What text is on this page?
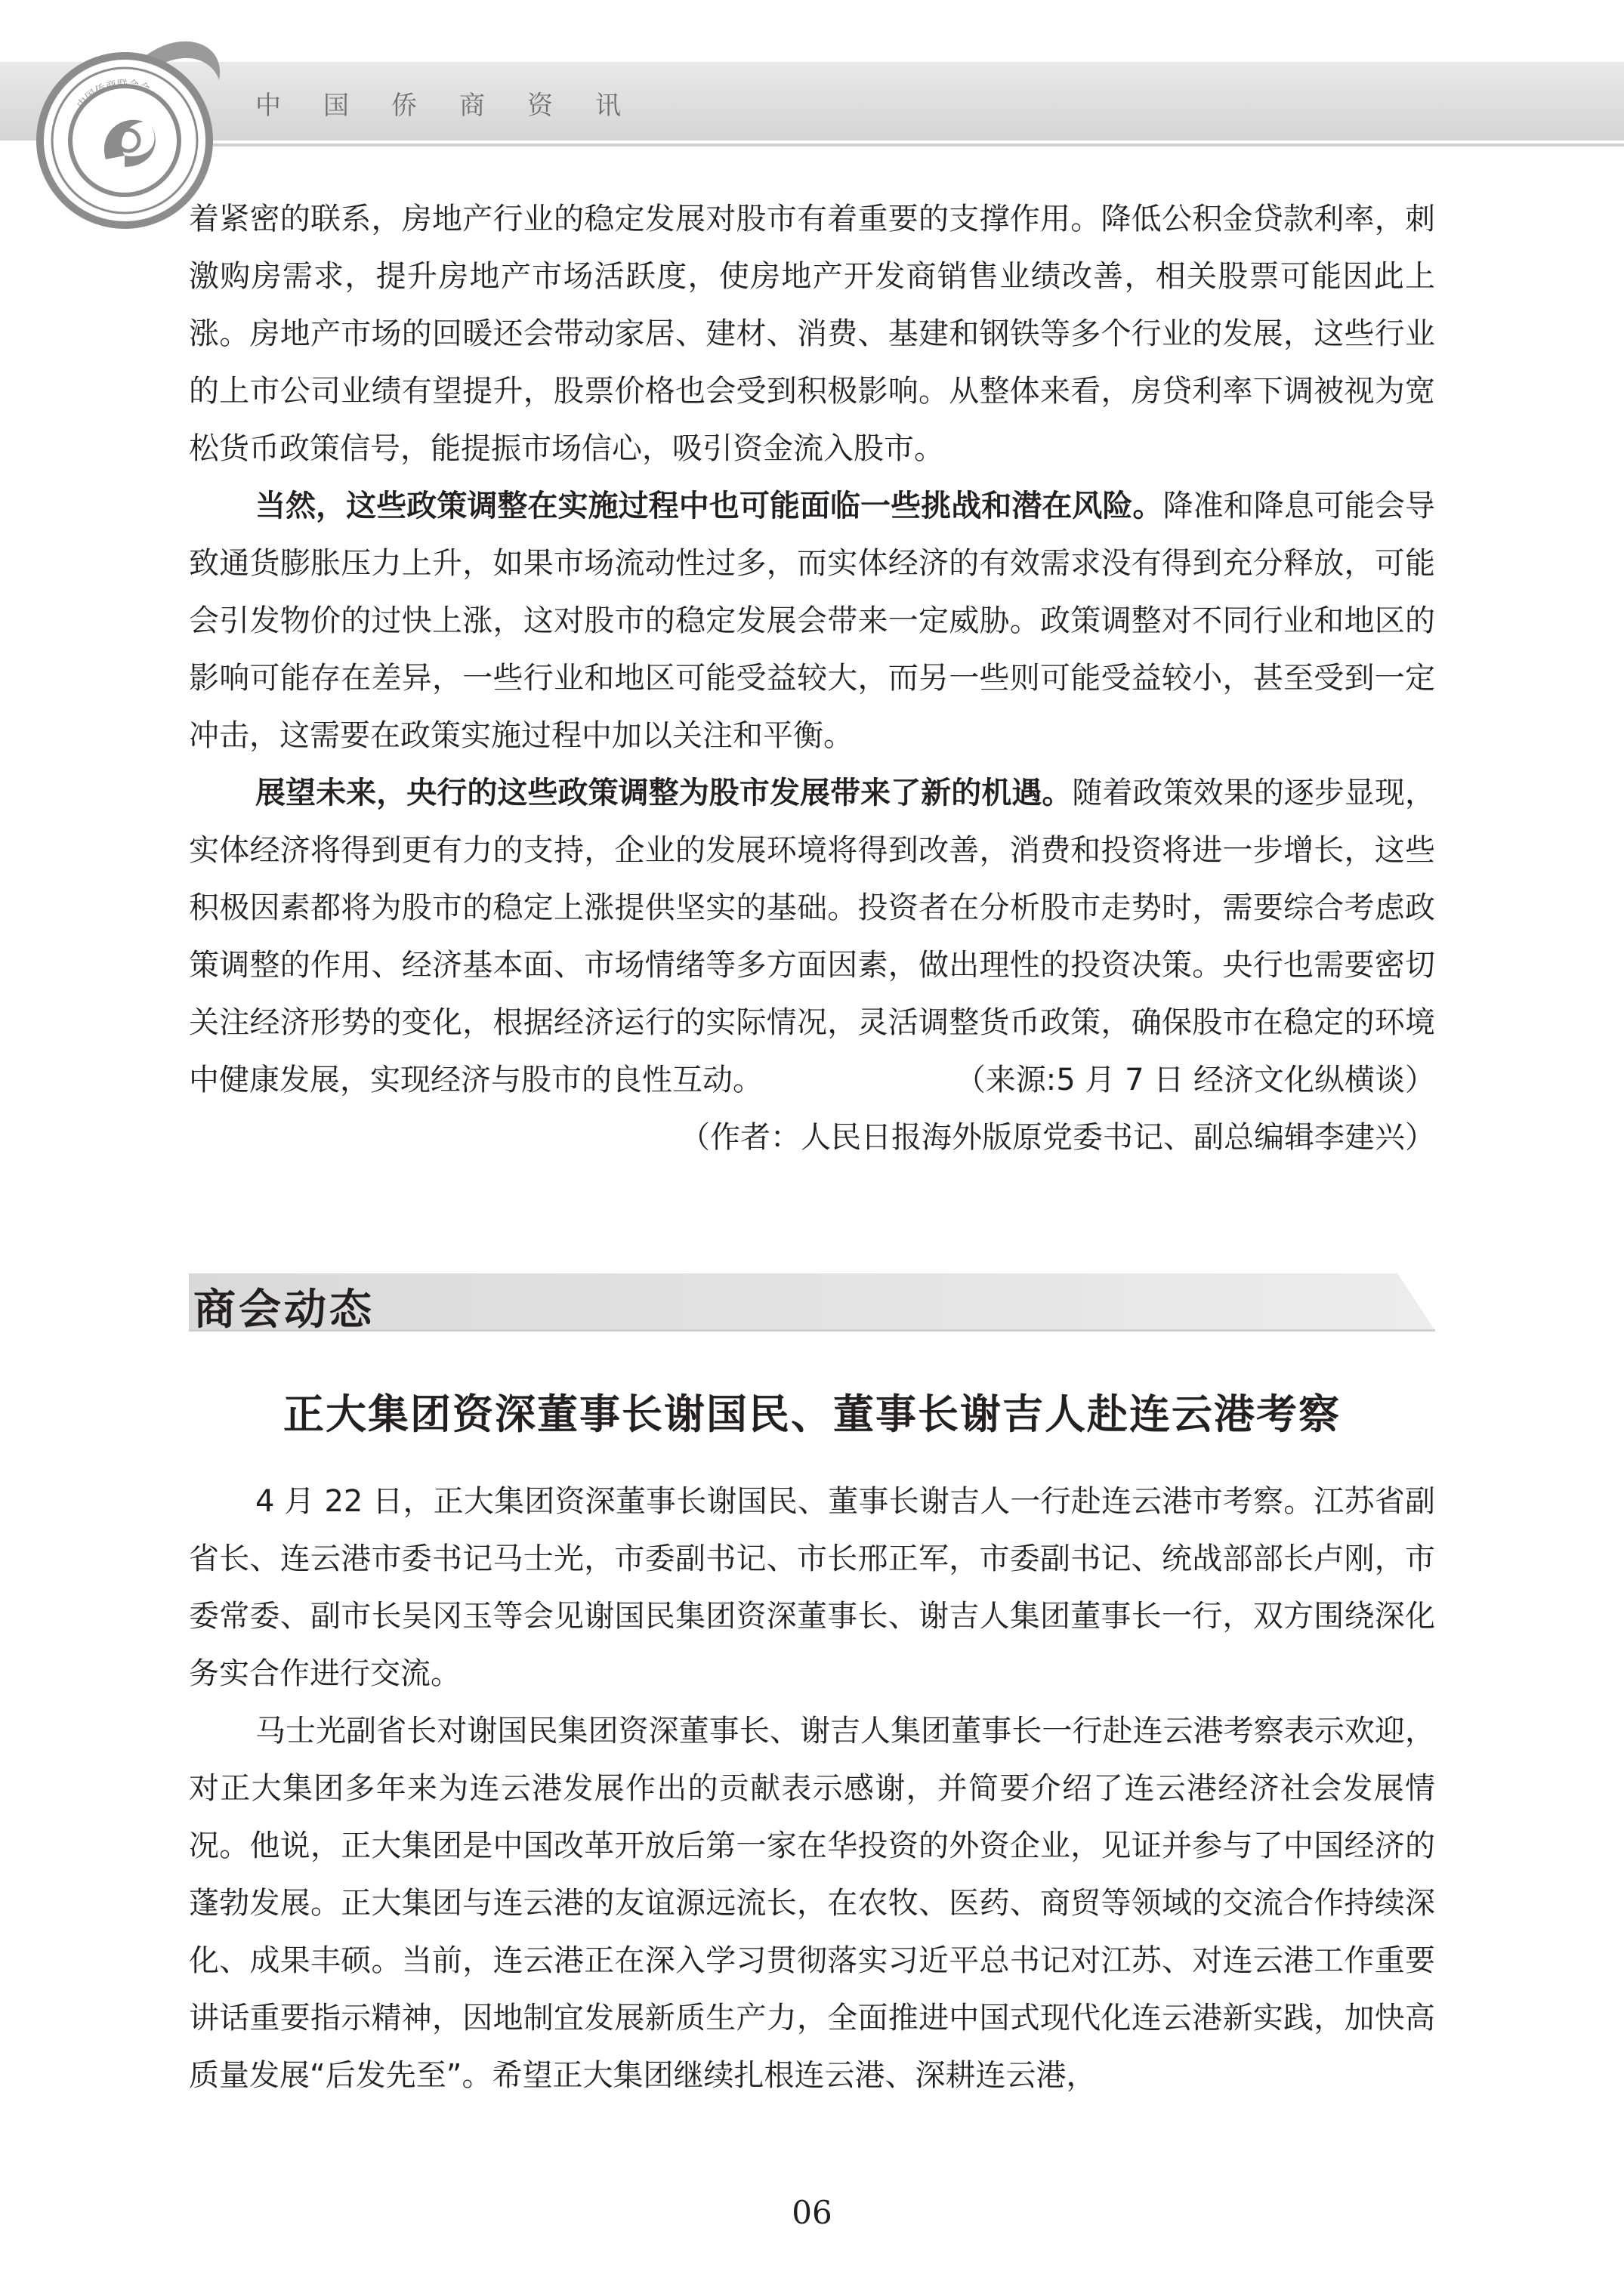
中国侨商联合会
中国侨商资讯

着紧密的联系，房地产行业的稳定发展对股市有着重要的支撑作用。降低公积金贷款利率，刺激购房需求，提升房地产市场活跃度，使房地产开发商销售业绩改善，相关股票可能因此上涨。房地产市场的回暖还会带动家居、建材、消费、基建和钢铁等多个行业的发展，这些行业的上市公司业绩有望提升，股票价格也会受到积极影响。从整体来看，房贷利率下调被视为宽松货币政策信号，能提振市场信心，吸引资金流入股市。

当然，这些政策调整在实施过程中也可能面临一些挑战和潜在风险。降准和降息可能会导致通货膨胀压力上升，如果市场流动性过多，而实体经济的有效需求没有得到充分释放，可能会引发物价的过快上涨，这对股市的稳定发展会带来一定威胁。政策调整对不同行业和地区的影响可能存在差异，一些行业和地区可能受益较大，而另一些则可能受益较小，甚至受到一定冲击，这需要在政策实施过程中加以关注和平衡。

展望未来，央行的这些政策调整为股市发展带来了新的机遇。随着政策效果的逐步显现，实体经济将得到更有力的支持，企业的发展环境将得到改善，消费和投资将进一步增长，这些积极因素都将为股市的稳定上涨提供坚实的基础。投资者在分析股市走势时，需要综合考虑政策调整的作用、经济基本面、市场情绪等多方面因素，做出理性的投资决策。央行也需要密切关注经济形势的变化，根据经济运行的实际情况，灵活调整货币政策，确保股市在稳定的环境中健康发展，实现经济与股市的良性互动。	（来源:5 月 7 日 经济文化纵横谈）
（作者：人民日报海外版原党委书记、副总编辑李建兴）
商会动态
正大集团资深董事长谢国民、董事长谢吉人赴连云港考察

4 月 22 日，正大集团资深董事长谢国民、董事长谢吉人一行赴连云港市考察。江苏省副省长、连云港市委书记马士光，市委副书记、市长邢正军，市委副书记、统战部部长卢刚，市委常委、副市长吴冈玉等会见谢国民集团资深董事长、谢吉人集团董事长一行，双方围绕深化务实合作进行交流。

马士光副省长对谢国民集团资深董事长、谢吉人集团董事长一行赴连云港考察表示欢迎，对正大集团多年来为连云港发展作出的贡献表示感谢，并简要介绍了连云港经济社会发展情况。他说，正大集团是中国改革开放后第一家在华投资的外资企业，见证并参与了中国经济的蓬勃发展。正大集团与连云港的友谊源远流长，在农牧、医药、商贸等领域的交流合作持续深化、成果丰硕。当前，连云港正在深入学习贯彻落实习近平总书记对江苏、对连云港工作重要讲话重要指示精神，因地制宜发展新质生产力，全面推进中国式现代化连云港新实践，加快高质量发展“后发先至”。希望正大集团继续扎根连云港、深耕连云港，

06
